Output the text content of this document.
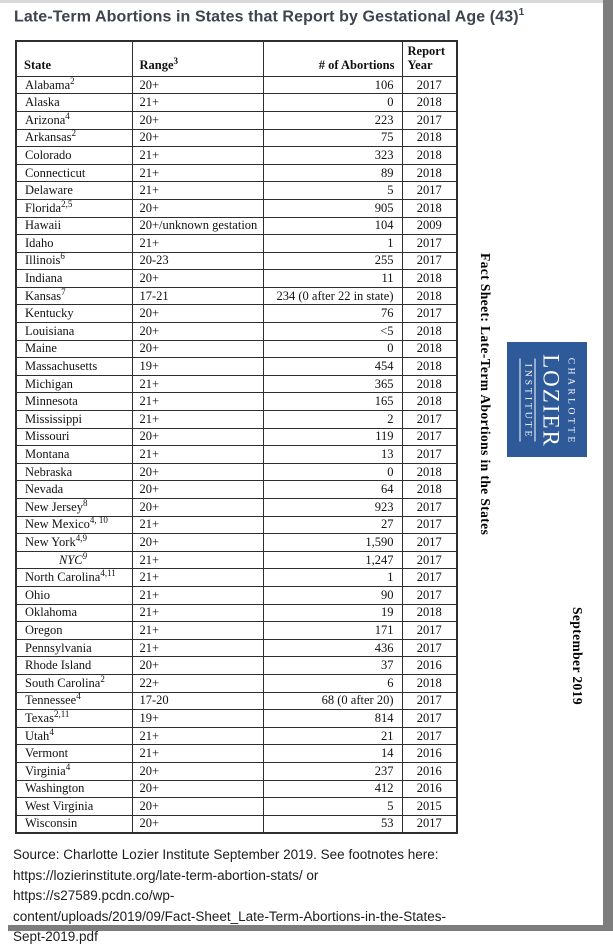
Late-Term Abortions in States that Report by Gestational Age $(43)^1$
State	Range$^3$	# of Abortions	Report Year
Alabama$^2$	20+	106	2017
Alaska	21+	0	2018
Arizona$^4$	20+	223	2017
Arkansas$^2$	20+	75	2018
Colorado	21+	323	2018
Connecticut	21+	89	2018
Delaware	21+	5	2017
Florida$^{2,5}$	20+	905	2018
Hawaii	20+/unknown gestation	104	2009
Idaho	21+	1	2017
Illinois$^6$	20-23	255	2017
Indiana	20+	11	2018
Kansas$^7$	17-21	234 (0 after 22 in state)	2018
Kentucky	20+	76	2017
Louisiana	20+	<5	2018
Maine	20+	0	2018
Massachusetts	19+	454	2018
Michigan	21+	365	2018
Minnesota	21+	165	2018
Mississippi	21+	2	2017
Missouri	20+	119	2017
Montana	21+	13	2017
Nebraska	20+	0	2018
Nevada	20+	64	2018
New Jersey$^8$	20+	923	2017
New Mexico$^{4, 10}$	21+	27	2017
New York$^{4,9}$	20+	1,590	2017
NYC$^9$	21+	1,247	2017
North Carolina$^{4,11}$	21+	1	2017
Ohio	21+	90	2017
Oklahoma	21+	19	2018
Oregon	21+	171	2017
Pennsylvania	21+	436	2017
Rhode Island	20+	37	2016
South Carolina$^2$	22+	6	2018
Tennessee$^4$	17-20	68 (0 after 20)	2017
Texas$^{2,11}$	19+	814	2017
Utah$^4$	21+	21	2017
Vermont	21+	14	2016
Virginia$^4$	20+	237	2016
Washington	20+	412	2016
West Virginia	20+	5	2015
Wisconsin	20+	53	2017
Fact Sheet: Late-Term Abortions in the States	CHARLOTTE
LOZIER
INSTITUTE
September 2019
Source: Charlotte Lozier Institute September 2019. See footnotes here:
https://lozierinstitute.org/late-term-abortion-stats/ or https://s27589.pcdn.co/wp-
content/uploads/2019/09/Fact-Sheet_Late-Term-Abortions-in-the-States-
Sept-2019.pdf
